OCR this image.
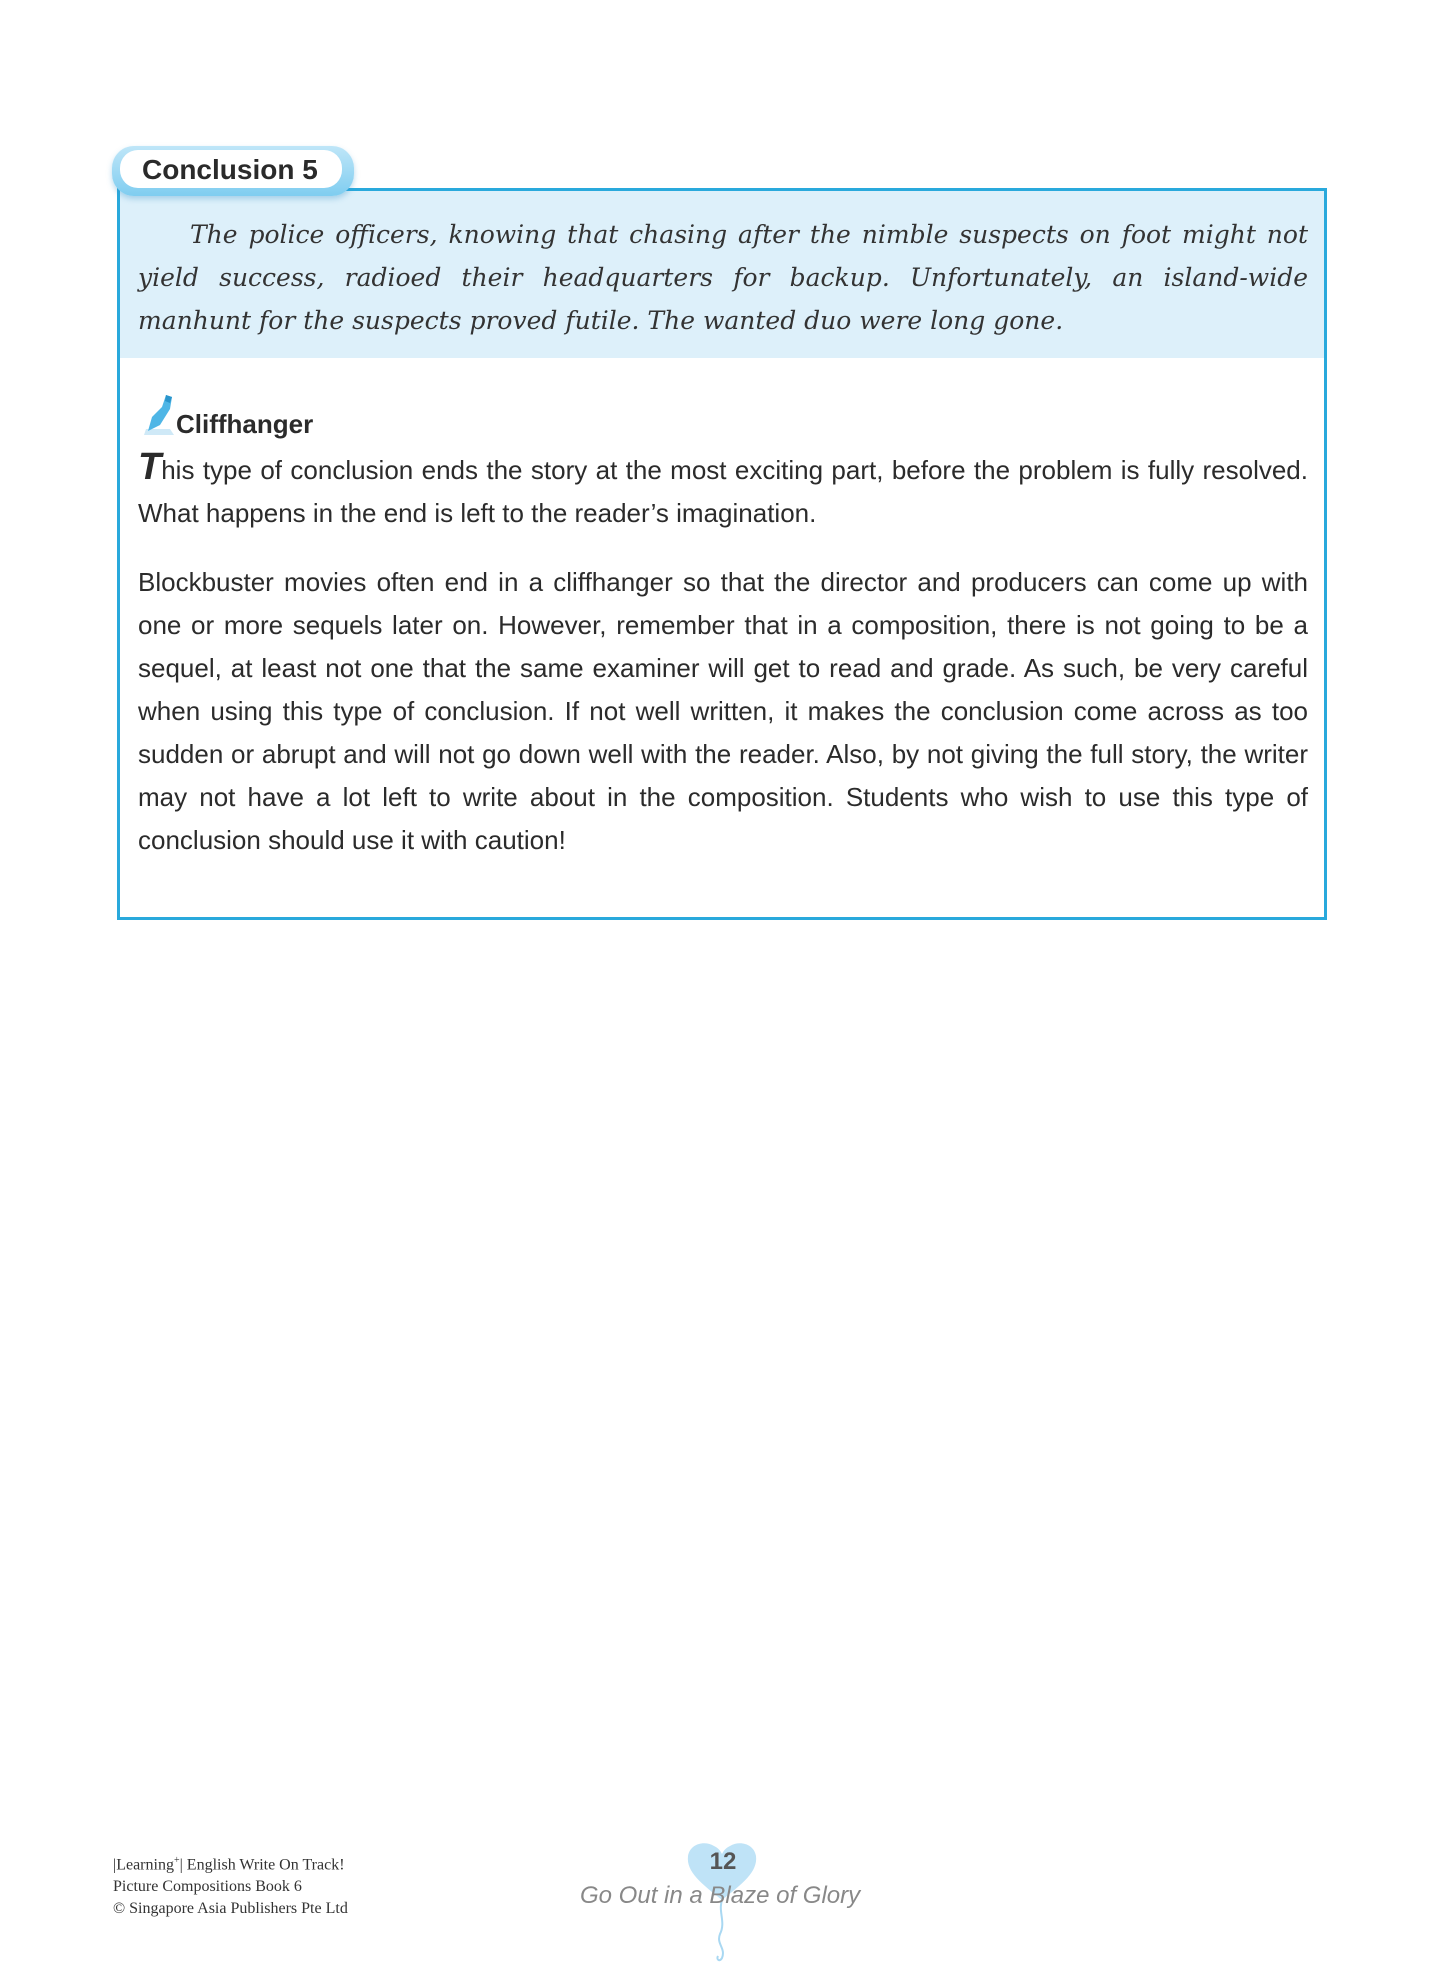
The police officers, knowing that chasing after the nimble suspects on foot might not yield success, radioed their headquarters for backup. Unfortunately, an island-wide manhunt for the suspects proved futile. The wanted duo were long gone.
Cliffhanger
This type of conclusion ends the story at the most exciting part, before the problem is fully resolved. What happens in the end is left to the reader’s imagination.
Blockbuster movies often end in a cliffhanger so that the director and producers can come up with one or more sequels later on. However, remember that in a composition, there is not going to be a sequel, at least not one that the same examiner will get to read and grade. As such, be very careful when using this type of conclusion. If not well written, it makes the conclusion come across as too sudden or abrupt and will not go down well with the reader. Also, by not giving the full story, the writer may not have a lot left to write about in the composition. Students who wish to use this type of conclusion should use it with caution!
Conclusion 5
|Learning+| English Write On Track!
Picture Compositions Book 6
© Singapore Asia Publishers Pte Ltd
12
Go Out in a Blaze of Glory
